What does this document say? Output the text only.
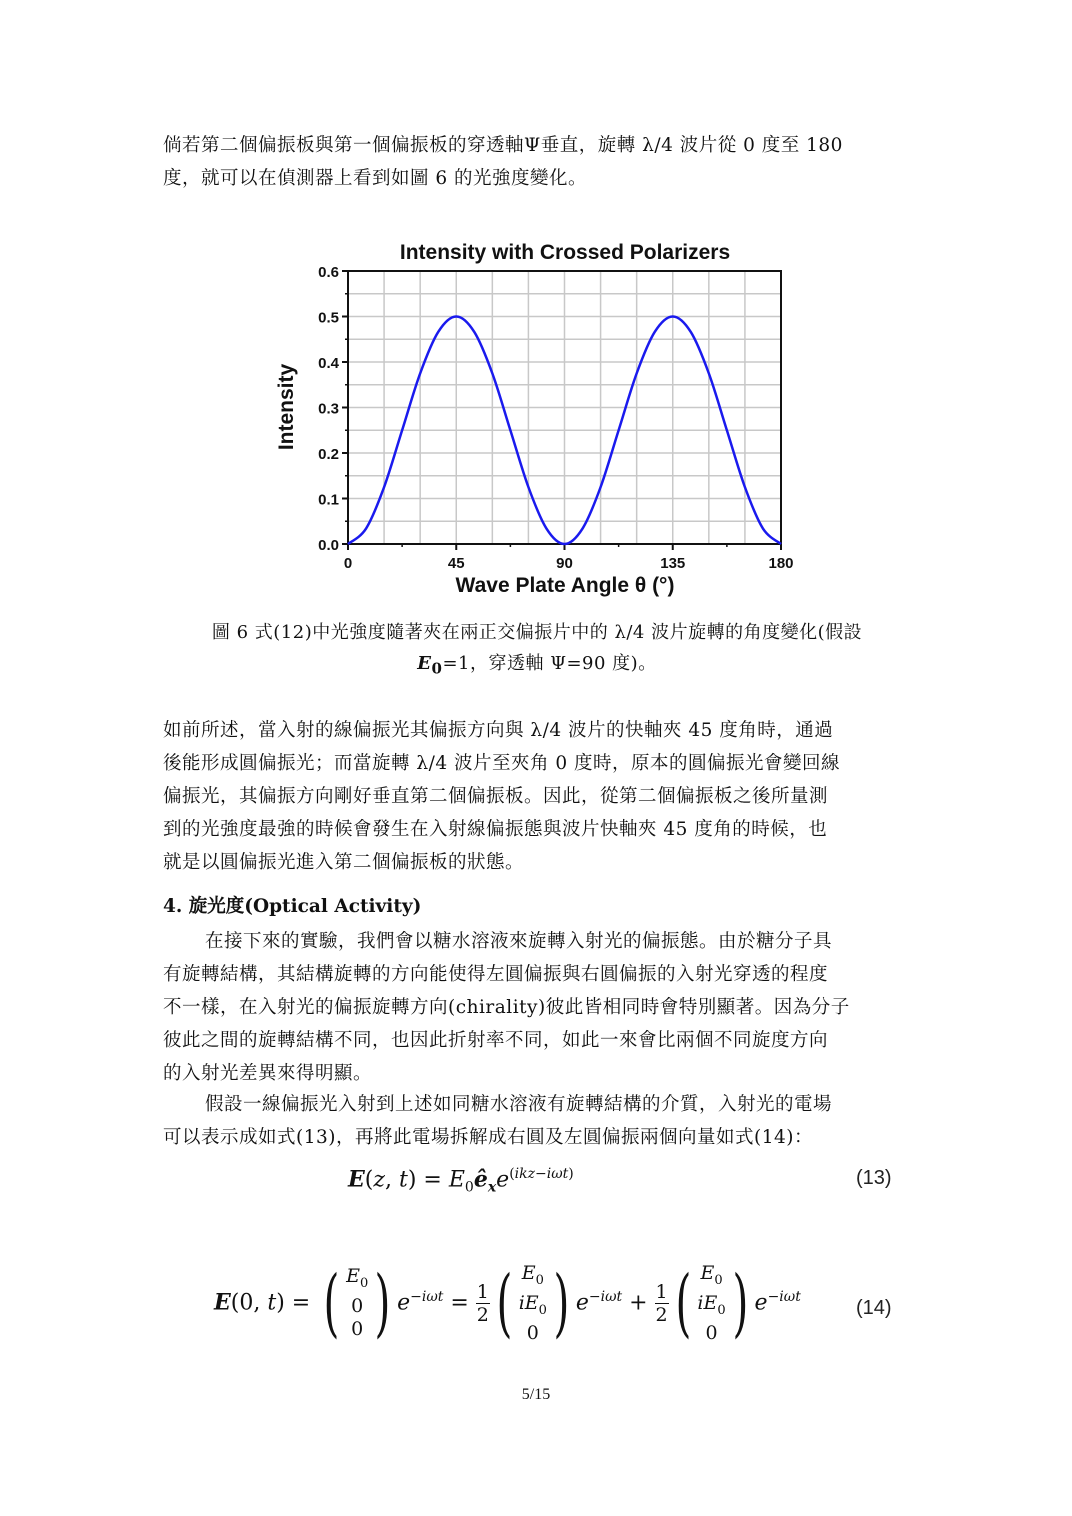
倘若第二個偏振板與第一個偏振板的穿透軸Ψ垂直，旋轉 λ/4 波片從 0 度至 180
度，就可以在偵測器上看到如圖 6 的光強度變化。
Intensity with Crossed Polarizers
0.0
0.1
0.2
0.3
0.4
0.5
0.6
0	45	90	135	180
Intensity
Wave Plate Angle θ (°)
圖 6 式(12)中光強度隨著夾在兩正交偏振片中的 λ/4 波片旋轉的角度變化(假設
$E_0=1$，穿透軸 Ψ=90 度)。
如前所述，當入射的線偏振光其偏振方向與 λ/4 波片的快軸夾 45 度角時，通過
後能形成圓偏振光；而當旋轉 λ/4 波片至夾角 0 度時，原本的圓偏振光會變回線
偏振光，其偏振方向剛好垂直第二個偏振板。因此，從第二個偏振板之後所量測
到的光強度最強的時候會發生在入射線偏振態與波片快軸夾 45 度角的時候，也
就是以圓偏振光進入第二個偏振板的狀態。
4. 旋光度(Optical Activity)
在接下來的實驗，我們會以糖水溶液來旋轉入射光的偏振態。由於糖分子具
有旋轉結構，其結構旋轉的方向能使得左圓偏振與右圓偏振的入射光穿透的程度
不一樣，在入射光的偏振旋轉方向(chirality)彼此皆相同時會特別顯著。因為分子
彼此之間的旋轉結構不同，也因此折射率不同，如此一來會比兩個不同旋度方向
的入射光差異來得明顯。
假設一線偏振光入射到上述如同糖水溶液有旋轉結構的介質，入射光的電場
可以表示成如式(13)，再將此電場拆解成右圓及左圓偏振兩個向量如式(14)：
E(z, $t) = E_0ê_xe^{(ikz-i\omega t)}$	(13)
E(0, t) = ( $E_0$
0
0 ) $e^{-i\omega t} = \frac{1}{2}$ ( $E_0$
$iE_0$
0 ) $e^{-i\omega t} + \frac{1}{2}$ ( $E_0$
$iE_0$
0 ) $e^{-i\omega t}$
(14)
5/15
